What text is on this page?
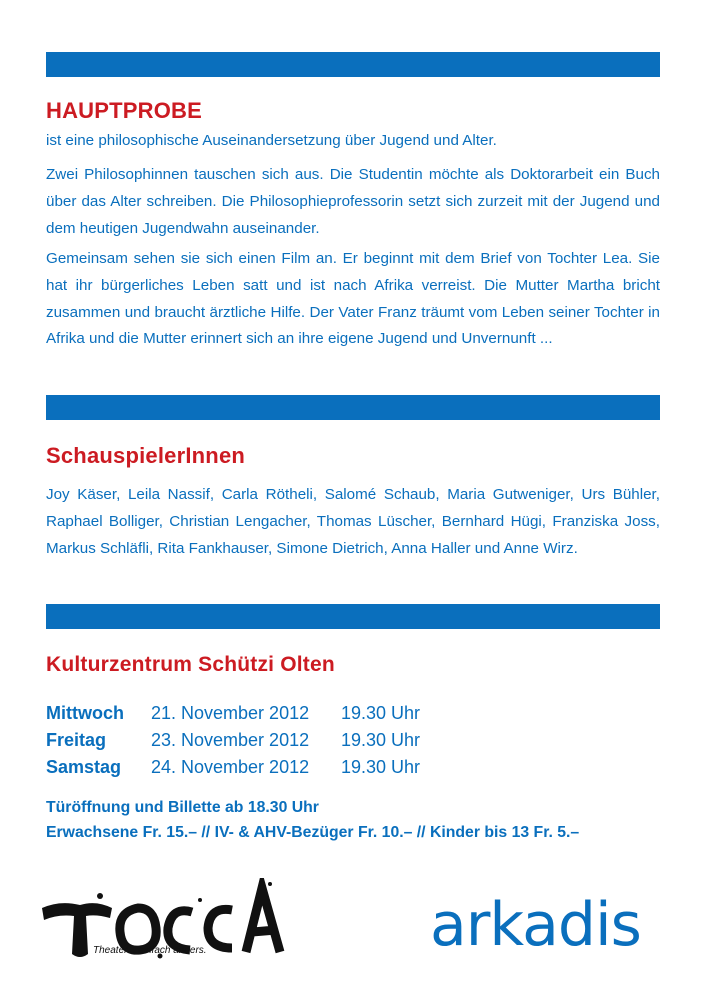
HAUPTPROBE

ist eine philosophische Auseinandersetzung über Jugend und Alter.

Zwei Philosophinnen tauschen sich aus. Die Studentin möchte als Doktorarbeit ein Buch über das Alter schreiben. Die Philosophieprofessorin setzt sich zurzeit mit der Jugend und dem heutigen Jugendwahn auseinander.

Gemeinsam sehen sie sich einen Film an. Er beginnt mit dem Brief von Tochter Lea. Sie hat ihr bürgerliches Leben satt und ist nach Afrika verreist. Die Mutter Martha bricht zusammen und braucht ärztliche Hilfe. Der Vater Franz träumt vom Leben seiner Tochter in Afrika und die Mutter erinnert sich an ihre eigene Jugend und Unvernunft ...

SchauspielerInnen

Joy Käser, Leila Nassif, Carla Rötheli, Salomé Schaub, Maria Gutweniger, Urs Bühler, Raphael Bolliger, Christian Lengacher, Thomas Lüscher, Bernhard Hügi, Franziska Joss, Markus Schläfli, Rita Fankhauser, Simone Dietrich, Anna Haller und Anne Wirz.

Kulturzentrum Schützi Olten
Mittwoch	21. November 2012	19.30 Uhr
Freitag	23. November 2012	19.30 Uhr
Samstag	24. November 2012	19.30 Uhr
Türöffnung und Billette ab 18.30 Uhr
Erwachsene Fr. 15.– // IV- & AHV-Bezüger Fr. 10.– // Kinder bis 13 Fr. 5.–
Theater... einfach anders.	arkadis
